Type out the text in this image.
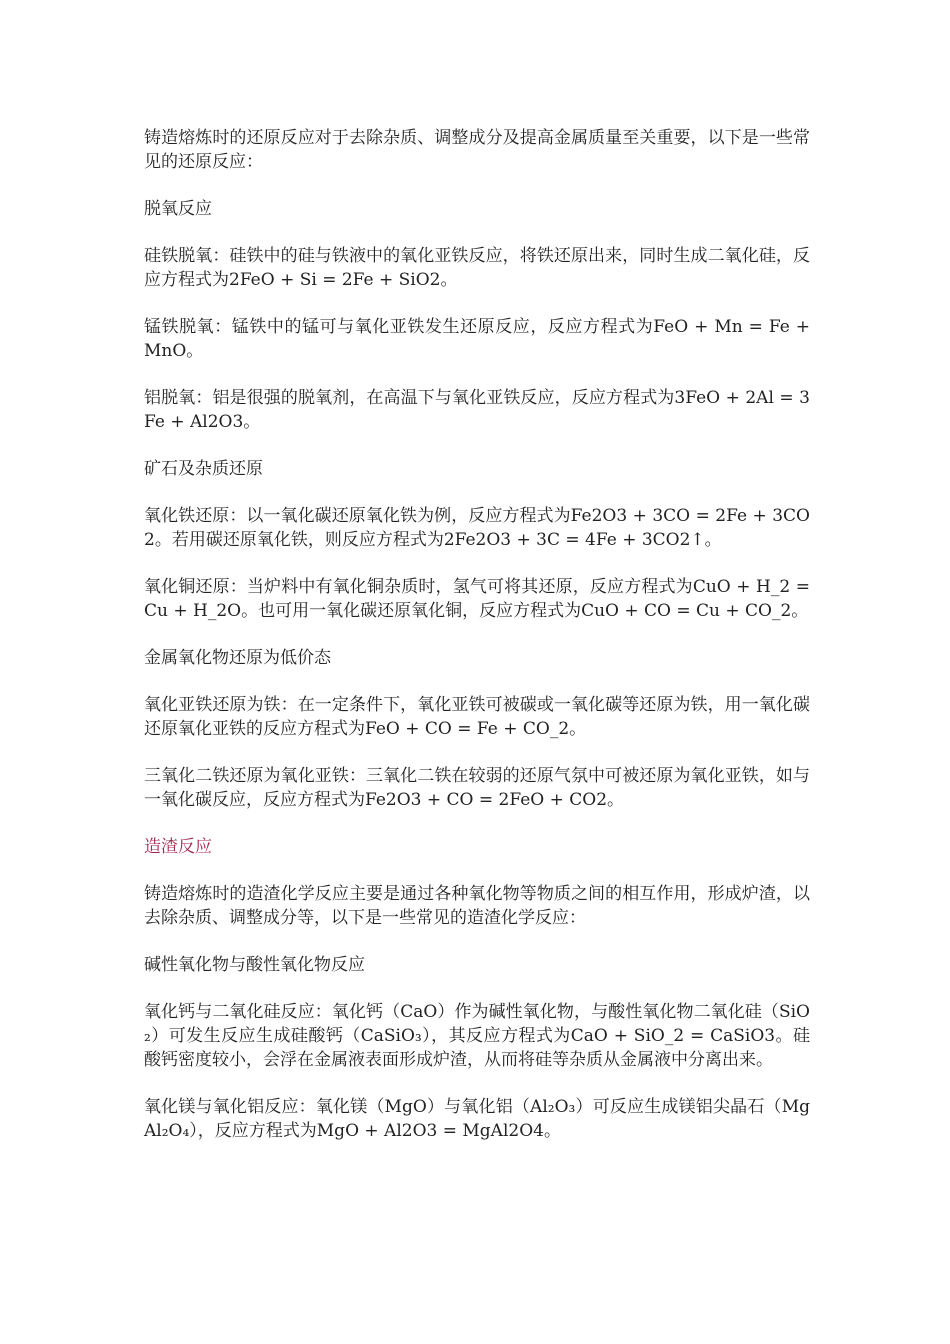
铸造熔炼时的还原反应对于去除杂质、调整成分及提高金属质量至关重要，以下是一些常见的还原反应：

脱氧反应

硅铁脱氧：硅铁中的硅与铁液中的氧化亚铁反应，将铁还原出来，同时生成二氧化硅，反应方程式为2FeO + Si = 2Fe + SiO2。

锰铁脱氧：锰铁中的锰可与氧化亚铁发生还原反应，反应方程式为FeO + Mn = Fe + MnO。

铝脱氧：铝是很强的脱氧剂，在高温下与氧化亚铁反应，反应方程式为3FeO + 2Al = 3Fe + Al2O3。

矿石及杂质还原

氧化铁还原：以一氧化碳还原氧化铁为例，反应方程式为Fe2O3 + 3CO = 2Fe + 3CO2。若用碳还原氧化铁，则反应方程式为2Fe2O3 + 3C = 4Fe + 3CO2↑。

氧化铜还原：当炉料中有氧化铜杂质时，氢气可将其还原，反应方程式为CuO + H_2 = Cu + H_2O。也可用一氧化碳还原氧化铜，反应方程式为CuO + CO = Cu + CO_2。

金属氧化物还原为低价态

氧化亚铁还原为铁：在一定条件下，氧化亚铁可被碳或一氧化碳等还原为铁，用一氧化碳还原氧化亚铁的反应方程式为FeO + CO = Fe + CO_2。

三氧化二铁还原为氧化亚铁：三氧化二铁在较弱的还原气氛中可被还原为氧化亚铁，如与一氧化碳反应，反应方程式为Fe2O3 + CO = 2FeO + CO2。

造渣反应

铸造熔炼时的造渣化学反应主要是通过各种氧化物等物质之间的相互作用，形成炉渣，以去除杂质、调整成分等，以下是一些常见的造渣化学反应：

碱性氧化物与酸性氧化物反应

氧化钙与二氧化硅反应：氧化钙（CaO）作为碱性氧化物，与酸性氧化物二氧化硅（SiO₂）可发生反应生成硅酸钙（CaSiO₃），其反应方程式为CaO + SiO_2 = CaSiO3。硅酸钙密度较小，会浮在金属液表面形成炉渣，从而将硅等杂质从金属液中分离出来。

氧化镁与氧化铝反应：氧化镁（MgO）与氧化铝（Al₂O₃）可反应生成镁铝尖晶石（MgAl₂O₄），反应方程式为MgO + Al2O3 = MgAl2O4。
